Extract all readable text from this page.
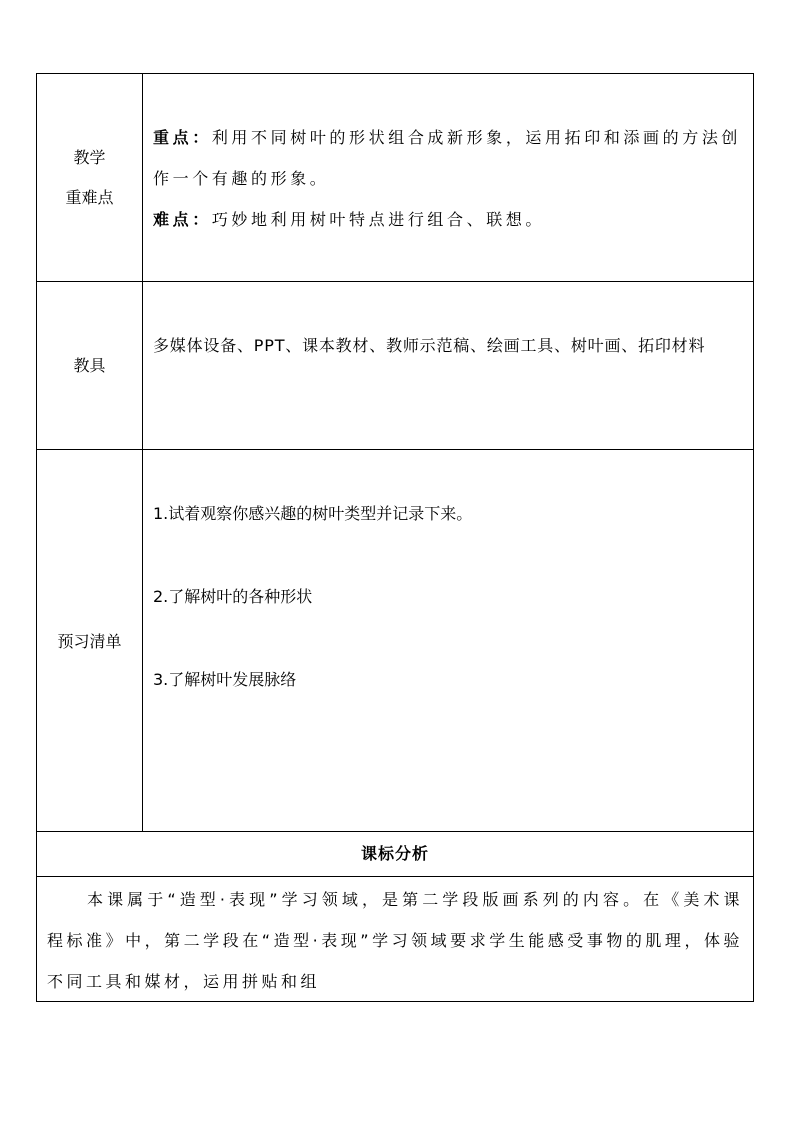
教学
重难点
重点：利用不同树叶的形状组合成新形象，运用拓印和添画的方法创作一个有趣的形象。
难点：巧妙地利用树叶特点进行组合、联想。
教具
多媒体设备、PPT、课本教材、教师示范稿、绘画工具、树叶画、拓印材料
预习清单

1.试着观察你感兴趣的树叶类型并记录下来。

2.了解树叶的各种形状

3.了解树叶发展脉络

课标分析
本课属于“造型·表现”学习领域，是第二学段版画系列的内容。在《美术课程标准》中，第二学段在“造型·表现”学习领域要求学生能感受事物的肌理，体验不同工具和媒材，运用拼贴和组
